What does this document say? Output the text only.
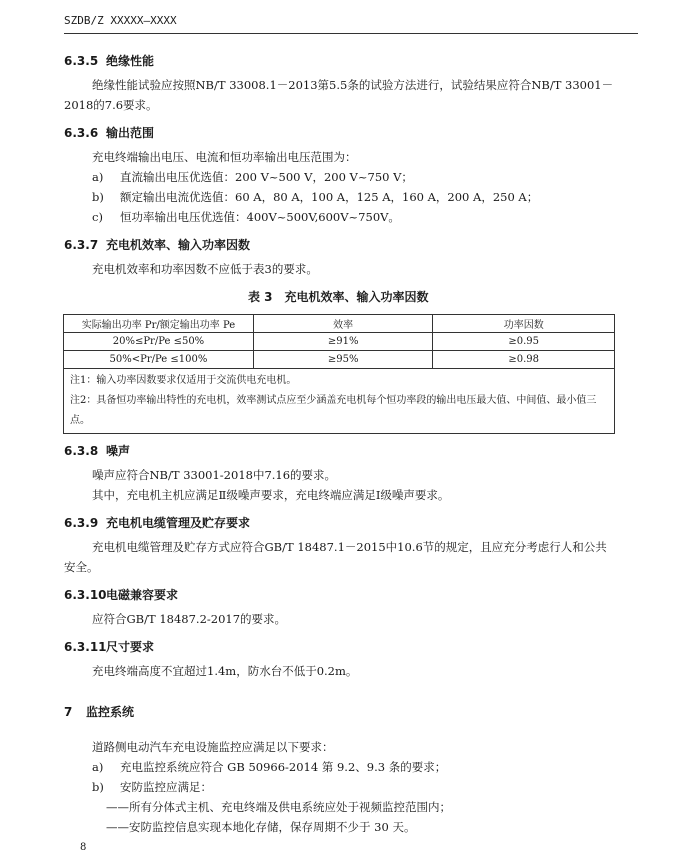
SZDB/Z XXXXX—XXXX
6.3.5 绝缘性能
绝缘性能试验应按照NB/T 33008.1－2013第5.5条的试验方法进行，试验结果应符合NB/T 33001－
2018的7.6要求。
6.3.6 输出范围
充电终端输出电压、电流和恒功率输出电压范围为：
a) 直流输出电压优选值：200 V~500 V，200 V~750 V；
b) 额定输出电流优选值：60 A，80 A，100 A，125 A，160 A，200 A，250 A；
c) 恒功率输出电压优选值：400V~500V,600V~750V。
6.3.7 充电机效率、输入功率因数
充电机效率和功率因数不应低于表3的要求。
表 3　充电机效率、输入功率因数
实际输出功率 Pr/额定输出功率 Pe	效率	功率因数
20%≤Pr/Pe ≤50%	≥91%	≥0.95
50%<Pr/Pe ≤100%	≥95%	≥0.98

注1：输入功率因数要求仅适用于交流供电充电机。
注2：具备恒功率输出特性的充电机，效率测试点应至少涵盖充电机每个恒功率段的输出电压最大值、中间值、最小值三点。		
6.3.8 噪声
噪声应符合NB/T 33001-2018中7.16的要求。
其中，充电机主机应满足Ⅱ级噪声要求，充电终端应满足Ⅰ级噪声要求。
6.3.9 充电机电缆管理及贮存要求
充电机电缆管理及贮存方式应符合GB/T 18487.1－2015中10.6节的规定，且应充分考虑行人和公共
安全。
6.3.10电磁兼容要求
应符合GB/T 18487.2-2017的要求。
6.3.11尺寸要求
充电终端高度不宜超过1.4m，防水台不低于0.2m。
7 监控系统
道路侧电动汽车充电设施监控应满足以下要求：
a) 充电监控系统应符合 GB 50966-2014 第 9.2、9.3 条的要求；
b) 安防监控应满足：
——所有分体式主机、充电终端及供电系统应处于视频监控范围内；
——安防监控信息实现本地化存储，保存周期不少于 30 天。
8
